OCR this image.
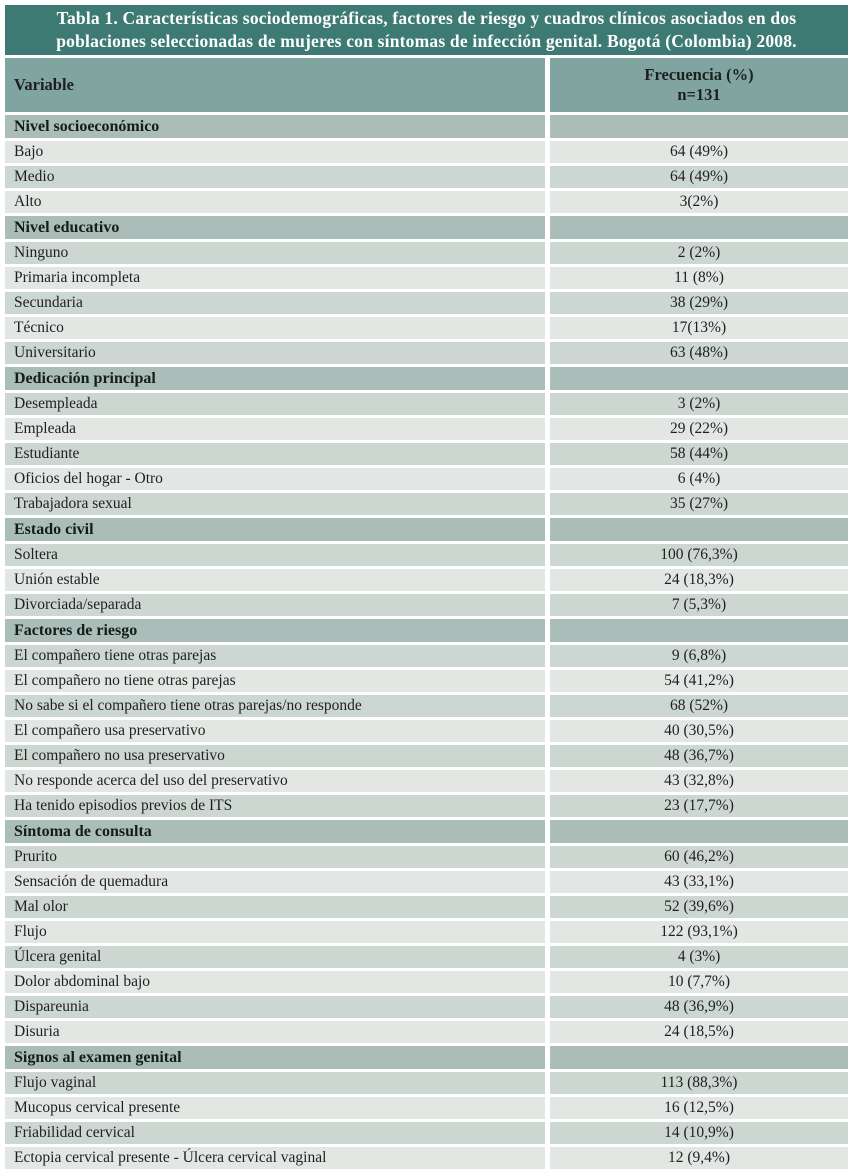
Tabla 1. Características sociodemográficas, factores de riesgo y cuadros clínicos asociados en dos poblaciones seleccionadas de mujeres con síntomas de infección genital. Bogotá (Colombia) 2008.
Variable
Frecuencia (%)
n=131
Nivel socioeconómico
Bajo	64 (49%)
Medio	64 (49%)
Alto	3(2%)
Nivel educativo
Ninguno	2 (2%)
Primaria incompleta	11 (8%)
Secundaria	38 (29%)
Técnico	17(13%)
Universitario	63 (48%)
Dedicación principal
Desempleada	3 (2%)
Empleada	29 (22%)
Estudiante	58 (44%)
Oficios del hogar - Otro	6 (4%)
Trabajadora sexual	35 (27%)
Estado civil
Soltera	100 (76,3%)
Unión estable	24 (18,3%)
Divorciada/separada	7 (5,3%)
Factores de riesgo
El compañero tiene otras parejas	9 (6,8%)
El compañero no tiene otras parejas	54 (41,2%)
No sabe si el compañero tiene otras parejas/no responde	68 (52%)
El compañero usa preservativo	40 (30,5%)
El compañero no usa preservativo	48 (36,7%)
No responde acerca del uso del preservativo	43 (32,8%)
Ha tenido episodios previos de ITS	23 (17,7%)
Síntoma de consulta
Prurito	60 (46,2%)
Sensación de quemadura	43 (33,1%)
Mal olor	52 (39,6%)
Flujo	122 (93,1%)
Úlcera genital	4 (3%)
Dolor abdominal bajo	10 (7,7%)
Dispareunia	48 (36,9%)
Disuria	24 (18,5%)
Signos al examen genital
Flujo vaginal	113 (88,3%)
Mucopus cervical presente	16 (12,5%)
Friabilidad cervical	14 (10,9%)
Ectopia cervical presente - Úlcera cervical vaginal	12 (9,4%)
